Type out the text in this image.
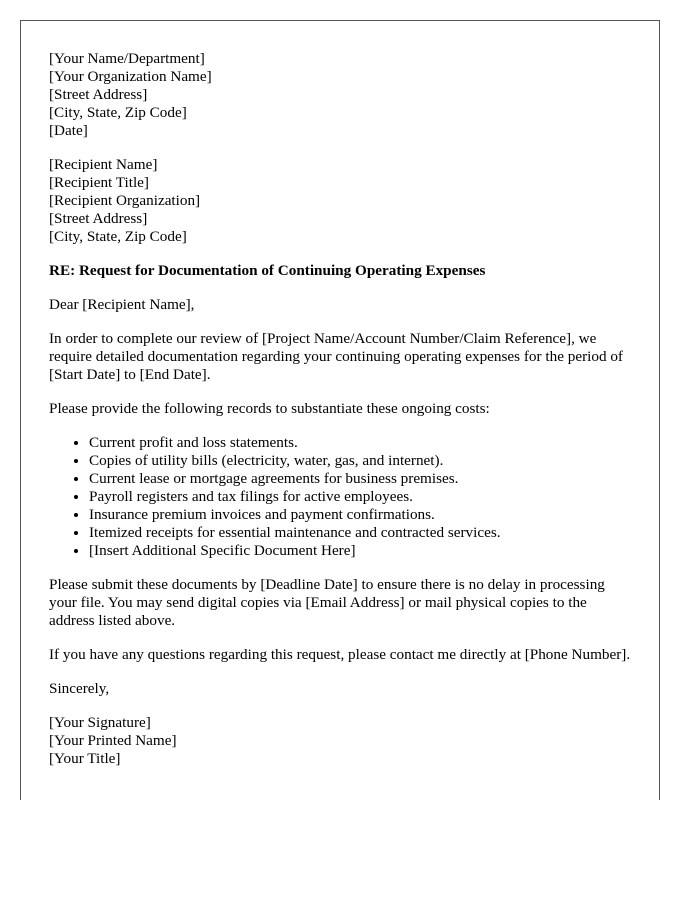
[Your Name/Department]
[Your Organization Name]
[Street Address]
[City, State, Zip Code]
[Date]
[Recipient Name]
[Recipient Title]
[Recipient Organization]
[Street Address]
[City, State, Zip Code]
RE: Request for Documentation of Continuing Operating Expenses

Dear [Recipient Name],

In order to complete our review of [Project Name/Account Number/Claim Reference], we require detailed documentation regarding your continuing operating expenses for the period of [Start Date] to [End Date].

Please provide the following records to substantiate these ongoing costs:

• Current profit and loss statements.
• Copies of utility bills (electricity, water, gas, and internet).
• Current lease or mortgage agreements for business premises.
• Payroll registers and tax filings for active employees.
• Insurance premium invoices and payment confirmations.
• Itemized receipts for essential maintenance and contracted services.
• [Insert Additional Specific Document Here]

Please submit these documents by [Deadline Date] to ensure there is no delay in processing your file. You may send digital copies via [Email Address] or mail physical copies to the address listed above.

If you have any questions regarding this request, please contact me directly at [Phone Number].

Sincerely,

[Your Signature]
[Your Printed Name]
[Your Title]
